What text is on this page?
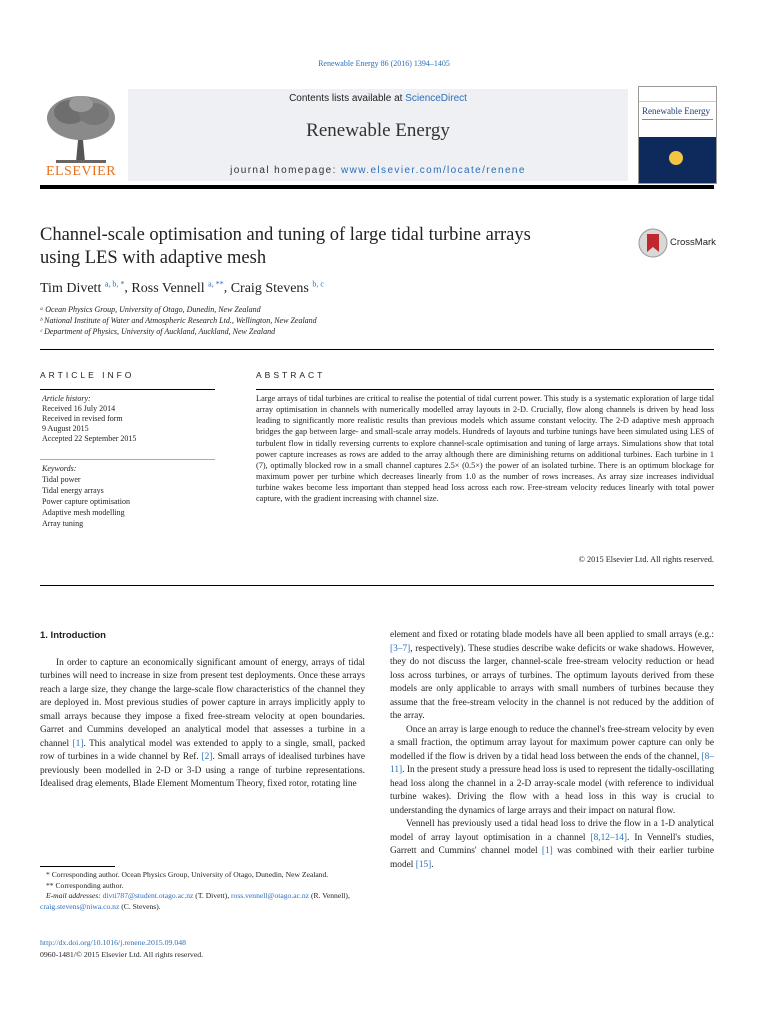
Renewable Energy 86 (2016) 1394–1405
ELSEVIER
Contents lists available at ScienceDirect
Renewable Energy
journal homepage: www.elsevier.com/locate/renene
Renewable Energy
Channel-scale optimisation and tuning of large tidal turbine arrays
using LES with adaptive mesh
CrossMark
Tim Divett $^{a, b, *}$, Ross Vennell $^{a, **}$, Craig Stevens $^{b, c}$
ᵃ Ocean Physics Group, University of Otago, Dunedin, New Zealand
ᵇ National Institute of Water and Atmospheric Research Ltd., Wellington, New Zealand
ᶜ Department of Physics, University of Auckland, Auckland, New Zealand
ARTICLE INFO	ABSTRACT
Article history:
Received 16 July 2014
Received in revised form
9 August 2015
Accepted 22 September 2015
Keywords:
Tidal power
Tidal energy arrays
Power capture optimisation
Adaptive mesh modelling
Array tuning
Large arrays of tidal turbines are critical to realise the potential of tidal current power. This study is a systematic exploration of large tidal array optimisation in channels with numerically modelled array layouts in 2-D. Crucially, flow along channels is driven by head loss leading to significantly more realistic results than previous models which assume constant velocity. The 2-D adaptive mesh approach bridges the gap between large- and small-scale array models. Hundreds of layouts and turbine tunings have been simulated using LES of turbulent flow in tidally reversing currents to explore channel-scale optimisation and tuning of large arrays. Simulations show that total power capture increases as rows are added to the array although there are diminishing returns on additional turbines. Each turbine in 1 (7), optimally blocked row in a small channel captures 2.5× (0.5×) the power of an isolated turbine. There is an optimum blockage for maximum power per turbine which decreases linearly from 1.0 as the number of rows increases. As array size increases individual turbine wakes become less important than stepped head loss across each row. Free-stream velocity reduces linearly with total power capture, with the gradient increasing with channel size.
© 2015 Elsevier Ltd. All rights reserved.
1. Introduction

In order to capture an economically significant amount of energy, arrays of tidal turbines will need to increase in size from present test deployments. Once these arrays reach a large size, they change the large-scale flow characteristics of the channel they are deployed in. Most previous studies of power capture in arrays implicitly apply to small arrays because they impose a fixed free-stream velocity at open boundaries. Garret and Cummins developed an analytical model that assesses a turbine in a channel [1]. This analytical model was extended to apply to a single, small, packed row of turbines in a wide channel by Ref. [2]. Small arrays of idealised turbines have previously been modelled in 2-D or 3-D using a range of turbine representations. Idealised drag elements, Blade Element Momentum Theory, fixed rotor, rotating line

element and fixed or rotating blade models have all been applied to small arrays (e.g.: [3–7], respectively). These studies describe wake deficits or wake shadows. However, they do not discuss the larger, channel-scale free-stream velocity reduction or head loss across turbines, or arrays of turbines. The optimum layouts derived from these models are only applicable to arrays with small numbers of turbines because they assume that the free-stream velocity in the channel is not reduced by the addition of the array.

Once an array is large enough to reduce the channel's free-stream velocity by even a small fraction, the optimum array layout for maximum power capture can only be modelled if the flow is driven by a tidal head loss between the ends of the channel, [8–11]. In the present study a pressure head loss is used to represent the tidally-oscillating head loss along the channel in a 2-D array-scale model (with reference to individual turbine wakes). Driving the flow with a head loss in this way is crucial to understanding the dynamics of large arrays and their impact on natural flow.

Vennell has previously used a tidal head loss to drive the flow in a 1-D analytical model of array layout optimisation in a channel [8,12–14]. In Vennell's studies, Garrett and Cummins' channel model [1] was combined with their earlier turbine model [15].

* Corresponding author. Ocean Physics Group, University of Otago, Dunedin, New Zealand.
** Corresponding author.
E-mail addresses: divti787@student.otago.ac.nz (T. Divett), ross.vennell@otago.ac.nz (R. Vennell), craig.stevens@niwa.co.nz (C. Stevens).
http://dx.doi.org/10.1016/j.renene.2015.09.048
0960-1481/© 2015 Elsevier Ltd. All rights reserved.
